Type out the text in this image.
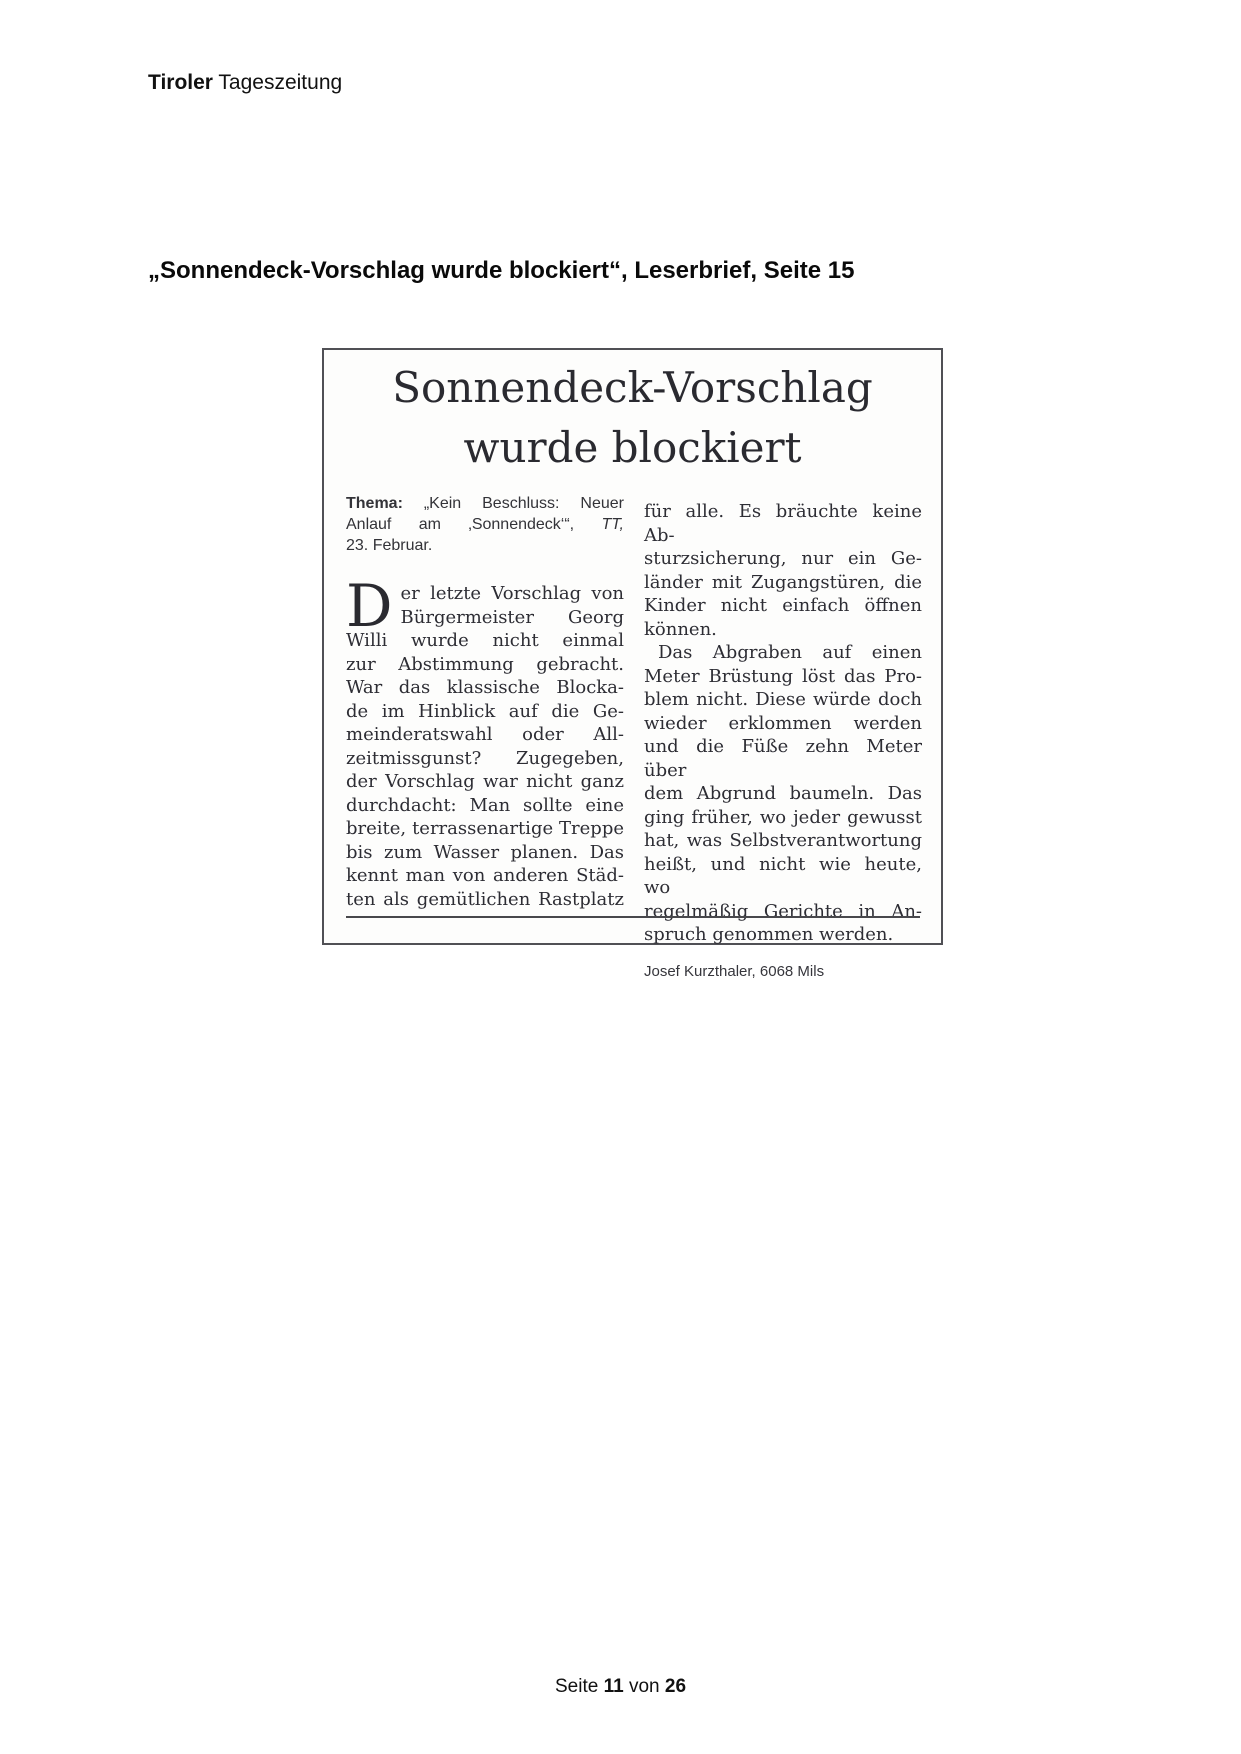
Tiroler Tageszeitung
„Sonnendeck-Vorschlag wurde blockiert“, Leserbrief, Seite 15
Sonnendeck-Vorschlag
wurde blockiert
Thema: „Kein Beschluss: Neuer
Anlauf am ‚Sonnendeck‘“, TT,
23. Februar.
D er letzte Vorschlag von
Bürgermeister Georg
Willi wurde nicht einmal
zur Abstimmung gebracht.
War das klassische Blocka-
de im Hinblick auf die Ge-
meinderatswahl oder All-
zeitmissgunst? Zugegeben,
der Vorschlag war nicht ganz
durchdacht: Man sollte eine
breite, terrassenartige Treppe
bis zum Wasser planen. Das
kennt man von anderen Städ-
ten als gemütlichen Rastplatz
für alle. Es bräuchte keine Ab-
sturzsicherung, nur ein Ge-
länder mit Zugangstüren, die
Kinder nicht einfach öffnen
können.
Das Abgraben auf einen
Meter Brüstung löst das Pro-
blem nicht. Diese würde doch
wieder erklommen werden
und die Füße zehn Meter über
dem Abgrund baumeln. Das
ging früher, wo jeder gewusst
hat, was Selbstverantwortung
heißt, und nicht wie heute, wo
regelmäßig Gerichte in An-
spruch genommen werden.
Josef Kurzthaler, 6068 Mils
Seite 11 von 26
